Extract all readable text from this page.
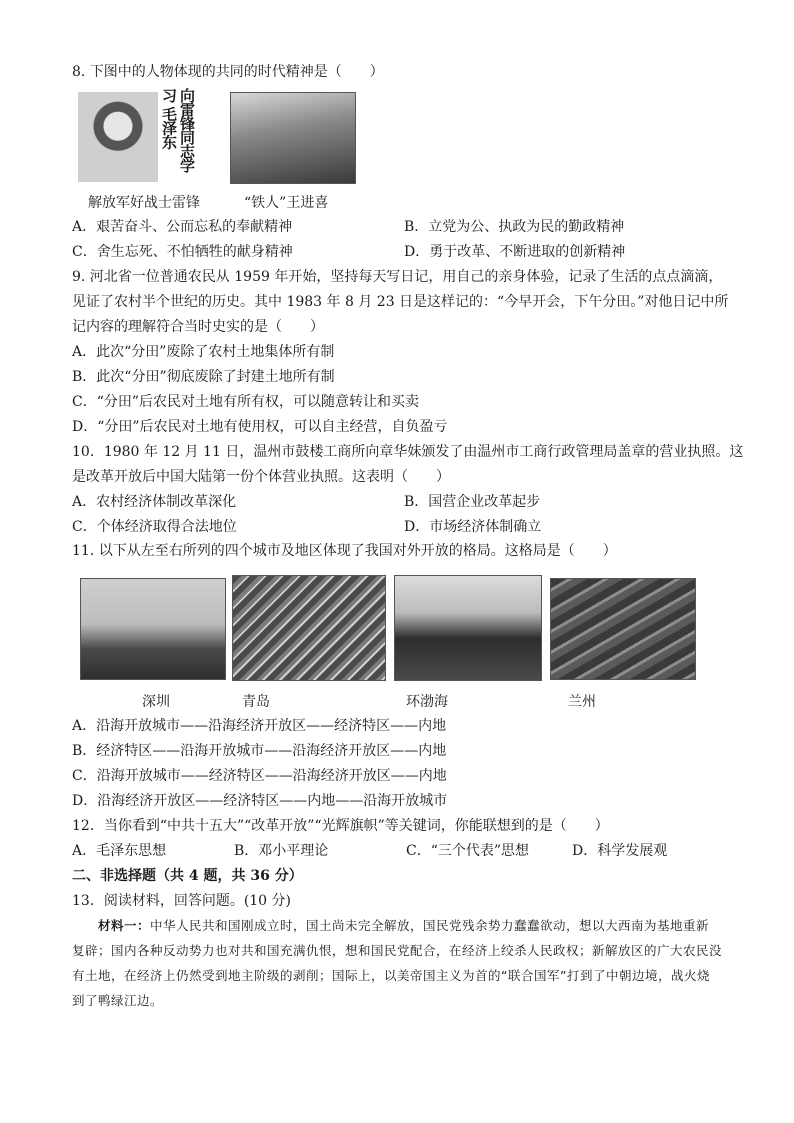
8. 下图中的人物体现的共同的时代精神是（　　）
向雷锋同志学习 毛泽东
解放军好战士雷锋	“铁人”王进喜
A．艰苦奋斗、公而忘私的奉献精神	B．立党为公、执政为民的勤政精神
C．舍生忘死、不怕牺牲的献身精神	D．勇于改革、不断进取的创新精神
9. 河北省一位普通农民从 1959 年开始，坚持每天写日记，用自己的亲身体验，记录了生活的点点滴滴，
见证了农村半个世纪的历史。其中 1983 年 8 月 23 日是这样记的：“今早开会，下午分田。”对他日记中所
记内容的理解符合当时史实的是（　　）
A．此次“分田”废除了农村土地集体所有制
B．此次“分田”彻底废除了封建土地所有制
C．“分田”后农民对土地有所有权，可以随意转让和买卖
D．“分田”后农民对土地有使用权，可以自主经营，自负盈亏
10．1980 年 12 月 11 日，温州市鼓楼工商所向章华妹颁发了由温州市工商行政管理局盖章的营业执照。这
是改革开放后中国大陆第一份个体营业执照。这表明（　　）
A．农村经济体制改革深化	B．国营企业改革起步
C．个体经济取得合法地位	D．市场经济体制确立
11. 以下从左至右所列的四个城市及地区体现了我国对外开放的格局。这格局是（　　）
深圳	青岛	环渤海	兰州
A．沿海开放城市——沿海经济开放区——经济特区——内地
B．经济特区——沿海开放城市——沿海经济开放区——内地
C．沿海开放城市——经济特区——沿海经济开放区——内地
D．沿海经济开放区——经济特区——内地——沿海开放城市
12．当你看到“中共十五大”“改革开放”“光辉旗帜”等关键词，你能联想到的是（　　）
A．毛泽东思想	B．邓小平理论	C．“三个代表”思想	D．科学发展观
二、非选择题（共 4 题，共 36 分）
13．阅读材料，回答问题。(10 分)
材料一：中华人民共和国刚成立时，国土尚未完全解放，国民党残余势力蠢蠢欲动，想以大西南为基地重新复辟；国内各种反动势力也对共和国充满仇恨，想和国民党配合，在经济上绞杀人民政权；新解放区的广大农民没有土地，在经济上仍然受到地主阶级的剥削；国际上，以美帝国主义为首的“联合国军”打到了中朝边境，战火烧到了鸭绿江边。
